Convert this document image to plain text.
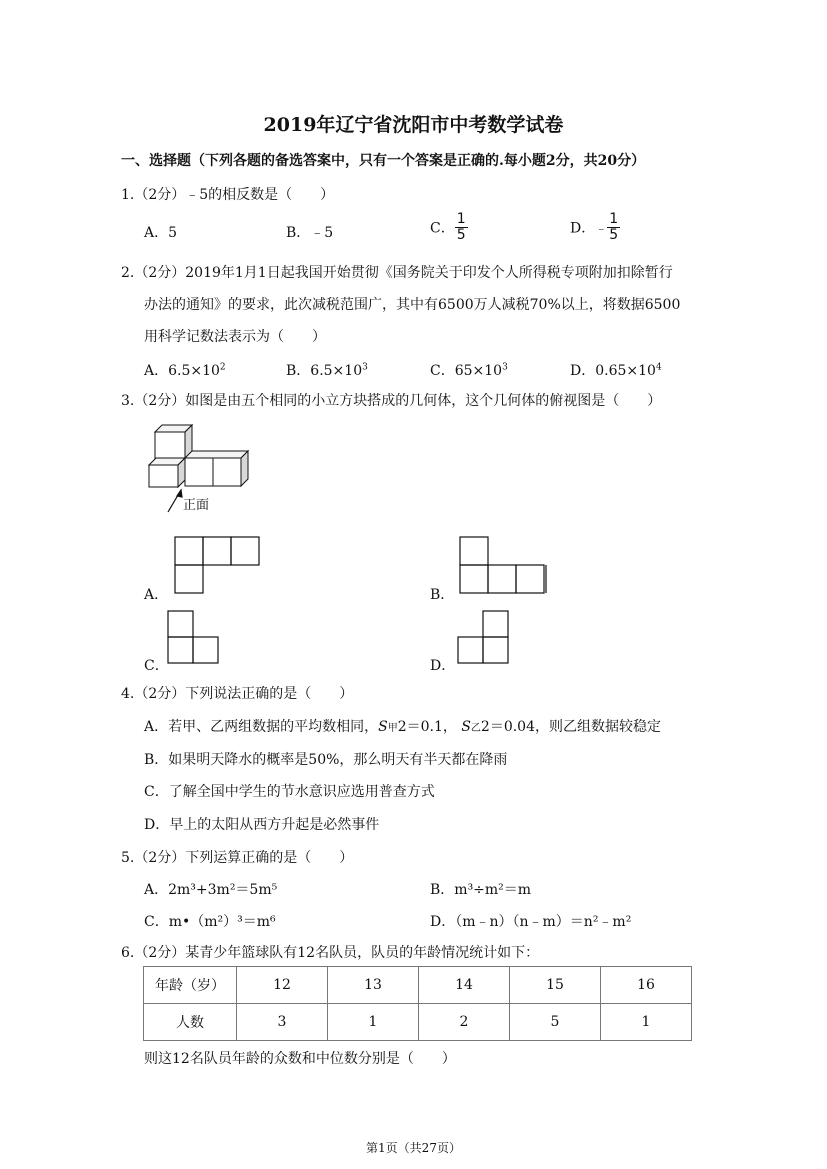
2019年辽宁省沈阳市中考数学试卷
一、选择题（下列各题的备选答案中，只有一个答案是正确的.每小题2分，共20分）
1.（2分）﹣5的相反数是（　　）
A．5	B．﹣5	C． $\frac{1}{5}$	D．﹣ $\frac{1}{5}$
2.（2分）2019年1月1日起我国开始贯彻《国务院关于印发个人所得税专项附加扣除暂行
办法的通知》的要求，此次减税范围广，其中有6500万人减税70%以上，将数据6500
用科学记数法表示为（　　）
A．$6.5\times 10^2$	B．$6.5\times 10^3$	C．$65\times 10^3$	D．$0.65\times 10^4$
3.（2分）如图是由五个相同的小立方块搭成的几何体，这个几何体的俯视图是（　　）
正面
A．	B．
C．	D．
4.（2分）下列说法正确的是（　　）
A．若甲、乙两组数据的平均数相同，S甲2＝0.1， S乙2＝0.04，则乙组数据较稳定
B．如果明天降水的概率是50%，那么明天有半天都在降雨
C．了解全国中学生的节水意识应选用普查方式
D．早上的太阳从西方升起是必然事件
5.（2分）下列运算正确的是（　　）
A．2m³+3m²＝5m⁵	B．m³÷m²＝m
C．m•（m²）³＝m⁶	D．（m﹣n）（n﹣m）＝n²﹣m²
6.（2分）某青少年篮球队有12名队员，队员的年龄情况统计如下：
年龄（岁）	12	13	14	15	16
人数	3	1	2	5	1
则这12名队员年龄的众数和中位数分别是（　　）
第1页（共27页）
